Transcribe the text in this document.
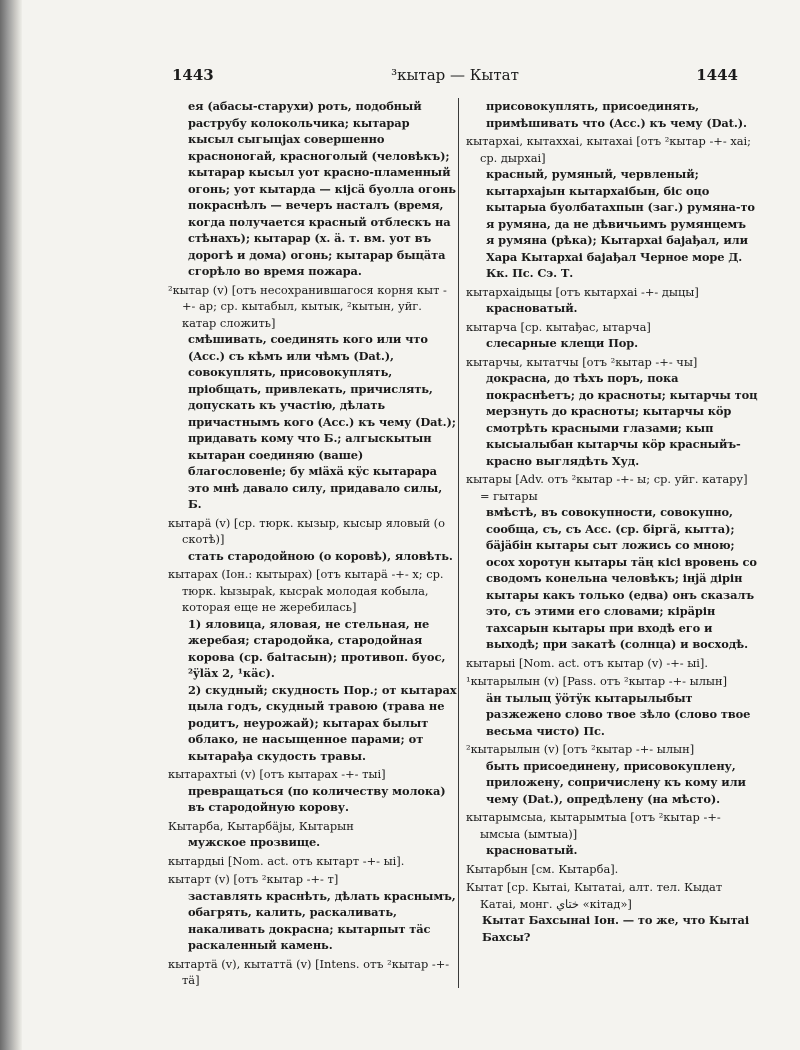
1443	³кытар — Кытат	1444
ея (абасы-старухи) роть, подобный раструбу колокольчика; кытарар кысыл сыгыцjах совершенно красноногай, красноголый (человѣкъ); кытарар кысыл уот красно-пламенный огонь; уот кытарда — кіjсä буолла огонь покраснѣлъ — вечеръ насталъ (время, когда получается красный отблескъ на стѣнахъ); кытарар (х. ä. т. вм. уот въ дорогѣ и дома) огонь; кытарар быцäта сгорѣло во время пожара.
²кытар (v) [отъ несохранившагося корня кыт -+- ар; ср. кытабыл, кытык, ²кытын, уйг. катар сложить]
смѣшивать, соединять кого или что (Acc.) съ кѣмъ или чѣмъ (Dat.), совокуплять, присовокуплять, пріобщать, привлекать, причислять, допускать къ участію, дѣлать причастнымъ кого (Acc.) къ чему (Dat.); придавать кому что Б.; алгыскытын кытаран соединяю (ваше) благословеніе; бу міäхä кÿс кытарара это мнѣ давало силу, придавало силы, Б.
кытарä (v) [ср. тюрк. кызыр, кысыр яловый (о скотѣ)]
стать стародойною (о коровѣ), яловѣть.
кытарах (Іон.: кытырах) [отъ кытарä -+- х; ср. тюрк. kызырak, кысраk молодая кобыла, которая еще не жеребилась]
1) яловица, яловая, не стельная, не жеребая; стародойка, стародойная корова (ср. баітасын); противоп. буос, ²ÿläх 2, ¹кäс).
2) скудный; скудность Пор.; от кытарах цыла годъ, скудный травою (трава не родитъ, неурожай); кытарах былыт облако, не насыщенное парами; от кытарађа скудость травы.
кытарахтыі (v) [отъ кытарах -+- тыі]
превращаться (по количеству молока) въ стародойную корову.
Кытарба, Кытарбäjы, Кытарын
мужское прозвище.
кытардыі [Nom. act. отъ кытарт -+- ыі].
кытарт (v) [отъ ²кытар -+- т]
заставлять краснѣть, дѣлать краснымъ, обагрять, калить, раскаливать, накаливать докрасна; кытарпыт тäс раскаленный камень.
кытартä (v), кытаттä (v) [Intens. отъ ²кытар -+- тä]
присовокуплять, присоединять, примѣшивать что (Acc.) къ чему (Dat.).
кытархаі, кытаххаі, кытахаі [отъ ²кытар -+- хаі; ср. дырхаі]
красный, румяный, червленый; кытархаjын кытархаібын, біс оцо кытарыа буолбатахпын (заг.) румяна-то я румяна, да не дѣвичьимъ румянцемъ я румяна (рѣка); Кытархаі бајађал, или Хара Кытархаі бајађал Черное море Д. Кк. Пс. Сэ. Т.
кытархаідыцы [отъ кытархаі -+- дыцы]
красноватый.
кытарча [ср. кытађас, ытарча]
слесарные клещи Пор.
кытарчы, кытатчы [отъ ²кытар -+- чы]
докрасна, до тѣхъ поръ, пока покраснѣетъ; до красноты; кытарчы тоц мерзнуть до красноты; кытарчы кöр смотрѣть красными глазами; кып кысыалыбан кытарчы кöр красныйъ-красно выглядѣть Худ.
кытары [Adv. отъ ²кытар -+- ы; ср. уйг. катару] = гытары
вмѣстѣ, въ совокупности, совокупно, сообща, съ, съ Acc. (ср. бiргä, кытта); бäjäбiн кытары сыт ложись со мною; осох хоротун кытары тäң кісі вровень со сводомъ конельна человѣкъ; інjä дірін кытары какъ только (едва) онъ сказалъ это, съ этими его словами; кірäрін тахсарын кытары при входѣ его и выходѣ; при закатѣ (солнца) и восходѣ.
кытарыі [Nom. act. отъ кытар (v) -+- ыі].
¹кытарылын (v) [Pass. отъ ²кытар -+- ылын]
äн тылыц ÿöтÿк кытарылыбыт разжежено слово твое зѣло (слово твое весьма чисто) Пс.
²кытарылын (v) [отъ ²кытар -+- ылын]
быть присоединену, присовокуплену, приложену, сопричислену къ кому или чему (Dat.), опредѣлену (на мѣсто).
кытарымсыа, кытарымтыа [отъ ²кытар -+- ымсыа (ымтыа)]
красноватый.
Кытарбын [см. Кытарба].
Кытат [ср. Кытаі, Кытатаі, алт. тел. Кыдат Катаі, монг. ﺧﺘﺎﻱ «кітад»]
Кытат Бахсынаі Іон. — то же, что Кытаі Бахсы?
